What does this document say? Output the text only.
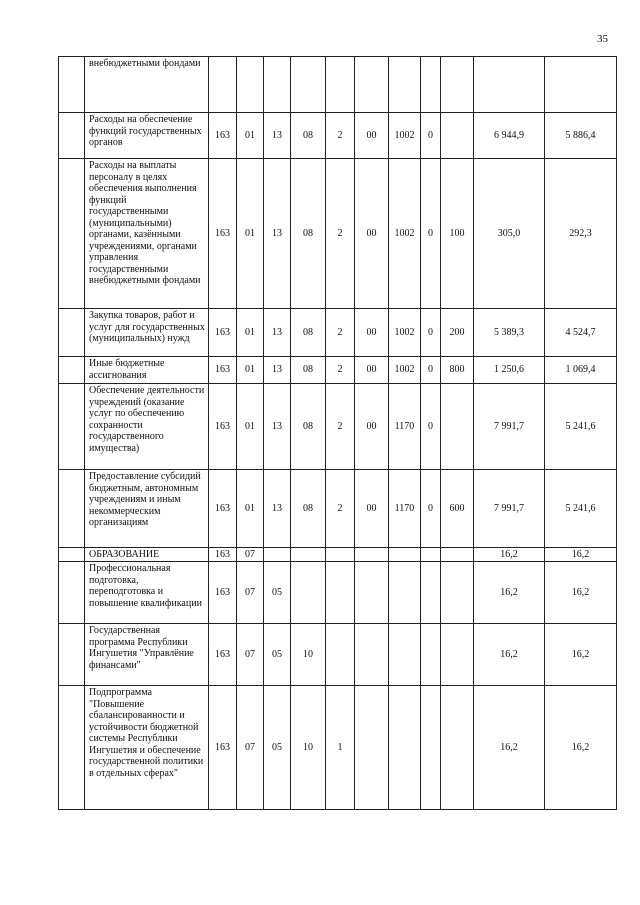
35
	внебюджетными фондами											
	Расходы на обеспечение функций государственных органов	163	01	13	08	2	00	1002	0		6 944,9	5 886,4
	Расходы на выплаты персоналу в целях обеспечения выполнения функций государственными (муниципальными) органами, казёнными учреждениями, органами управления государственными внебюджетными фондами	163	01	13	08	2	00	1002	0	100	305,0	292,3
	Закупка товаров, работ и услуг для государственных (муниципальных) нужд	163	01	13	08	2	00	1002	0	200	5 389,3	4 524,7
	Иные бюджетные ассигнования	163	01	13	08	2	00	1002	0	800	1 250,6	1 069,4
	Обеспечение деятельности учреждений (оказание услуг по обеспечению сохранности государственного имущества)	163	01	13	08	2	00	1170	0		7 991,7	5 241,6
	Предоставление субсидий бюджетным, автономным учреждениям и иным некоммерческим организациям	163	01	13	08	2	00	1170	0	600	7 991,7	5 241,6
	ОБРАЗОВАНИЕ	163	07								16,2	16,2
	Профессиональная подготовка, переподготовка и повышение квалификации	163	07	05							16,2	16,2
	Государственная программа Республики Ингушетия "Управлёние финансами"	163	07	05	10						16,2	16,2
	Подпрограмма "Повышение сбалансированности и устойчивости бюджетной системы Республики Ингушетия и обеспечение государственной политики в отдельных сферах"	163	07	05	10	1					16,2	16,2
